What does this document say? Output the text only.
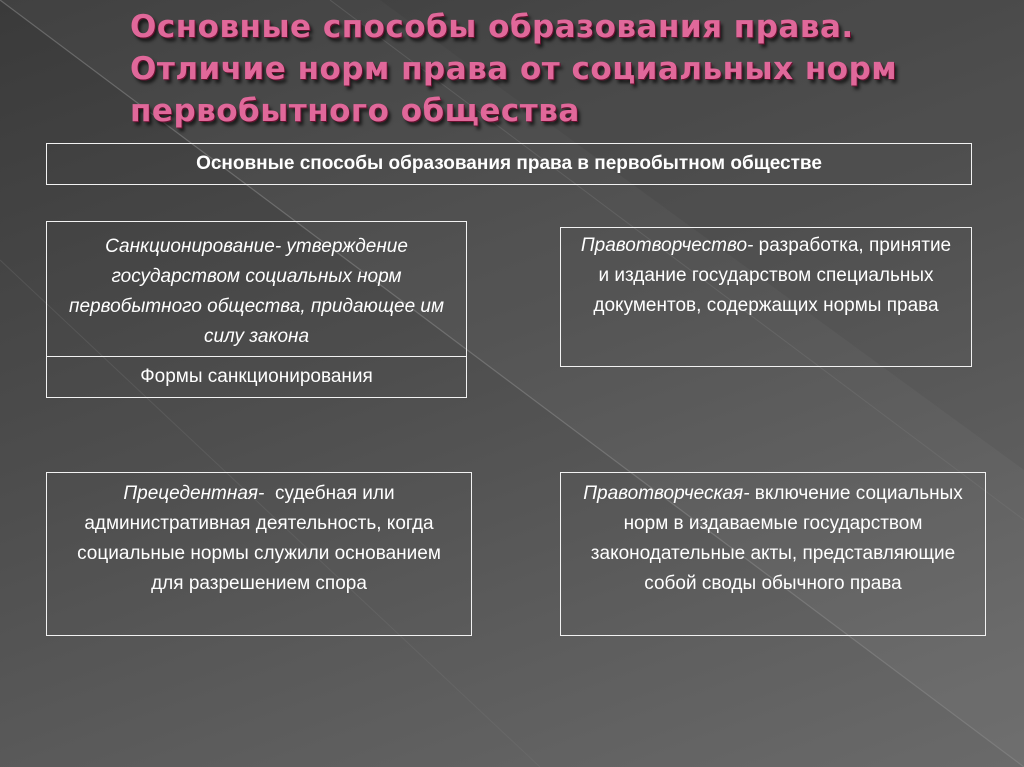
Основные способы образования права. Отличие норм права от социальных норм первобытного общества
Основные способы образования права в первобытном обществе
Санкционирование- утверждение государством социальных норм первобытного общества, придающее им силу закона
Формы санкционирования
Правотворчество- разработка, принятие и издание государством специальных документов, содержащих нормы права
Прецедентная-  судебная или административная деятельность, когда социальные нормы служили основанием для разрешением спора
Правотворческая- включение социальных норм в издаваемые государством законодательные акты, представляющие собой своды обычного права
